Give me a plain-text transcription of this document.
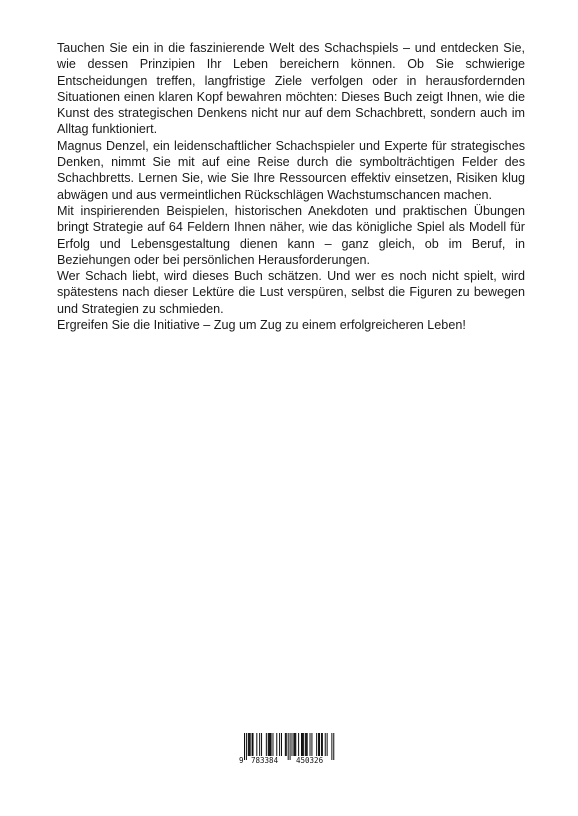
Tauchen Sie ein in die faszinierende Welt des Schachspiels – und entdecken Sie, wie dessen Prinzipien Ihr Leben bereichern können. Ob Sie schwierige Entscheidungen treffen, langfristige Ziele verfolgen oder in herausfordernden Situationen einen klaren Kopf bewahren möchten: Dieses Buch zeigt Ihnen, wie die Kunst des strategischen Denkens nicht nur auf dem Schachbrett, sondern auch im Alltag funktioniert.

Magnus Denzel, ein leidenschaftlicher Schachspieler und Experte für strategisches Denken, nimmt Sie mit auf eine Reise durch die symbolträchtigen Felder des Schachbretts. Lernen Sie, wie Sie Ihre Ressourcen effektiv einsetzen, Risiken klug abwägen und aus vermeintlichen Rückschlägen Wachstumschancen machen.

Mit inspirierenden Beispielen, historischen Anekdoten und praktischen Übungen bringt Strategie auf 64 Feldern Ihnen näher, wie das königliche Spiel als Modell für Erfolg und Lebensgestaltung dienen kann – ganz gleich, ob im Beruf, in Beziehungen oder bei persönlichen Herausforderungen.

Wer Schach liebt, wird dieses Buch schätzen. Und wer es noch nicht spielt, wird spätestens nach dieser Lektüre die Lust verspüren, selbst die Figuren zu bewegen und Strategien zu schmieden.

Ergreifen Sie die Initiative – Zug um Zug zu einem erfolgreicheren Leben!

9 783384 450326
